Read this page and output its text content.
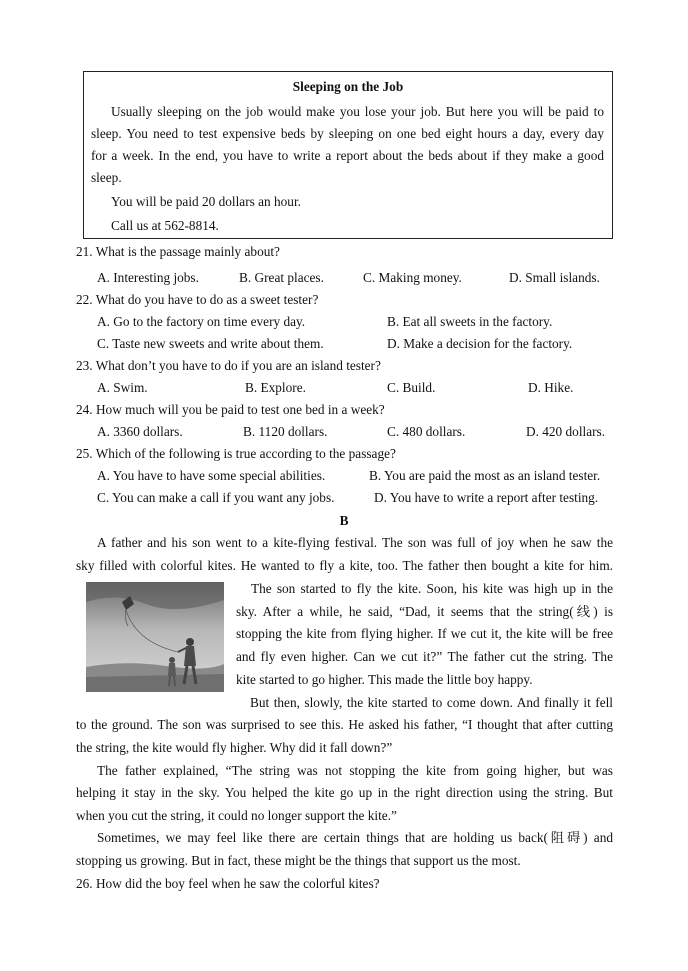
Sleeping on the Job
Usually sleeping on the job would make you lose your job. But here you will be paid to
sleep. You need to test expensive beds by sleeping on one bed eight hours a day, every day
for a week. In the end, you have to write a report about the beds about if they make a good
sleep.
You will be paid 20 dollars an hour.
Call us at 562-8814.
21. What is the passage mainly about?
A. Interesting jobs.	B. Great places.	C. Making money.	D. Small islands.
22. What do you have to do as a sweet tester?
A. Go to the factory on time every day.	B. Eat all sweets in the factory.
C. Taste new sweets and write about them.	D. Make a decision for the factory.
23. What don’t you have to do if you are an island tester?
A. Swim.	B. Explore.	C. Build.	D. Hike.
24. How much will you be paid to test one bed in a week?
A. 3360 dollars.	B. 1120 dollars.	C. 480 dollars.	D. 420 dollars.
25. Which of the following is true according to the passage?
A. You have to have some special abilities.	B. You are paid the most as an island tester.
C. You can make a call if you want any jobs.	D. You have to write a report after testing.
B
A father and his son went to a kite-flying festival. The son was full of joy when he saw the
sky filled with colorful kites. He wanted to fly a kite, too. The father then bought a kite for him.
The son started to fly the kite. Soon, his kite was high up in the
sky. After a while, he said, “Dad, it seems that the string(线) is
stopping the kite from flying higher. If we cut it, the kite will be free
and fly even higher. Can we cut it?” The father cut the string. The
kite started to go higher. This made the little boy happy.
But then, slowly, the kite started to come down. And finally it fell
to the ground. The son was surprised to see this. He asked his father, “I thought that after cutting
the string, the kite would fly higher. Why did it fall down?”
The father explained, “The string was not stopping the kite from going higher, but was
helping it stay in the sky. You helped the kite go up in the right direction using the string. But
when you cut the string, it could no longer support the kite.”
Sometimes, we may feel like there are certain things that are holding us back(阻碍) and
stopping us growing. But in fact, these might be the things that support us the most.
26. How did the boy feel when he saw the colorful kites?
